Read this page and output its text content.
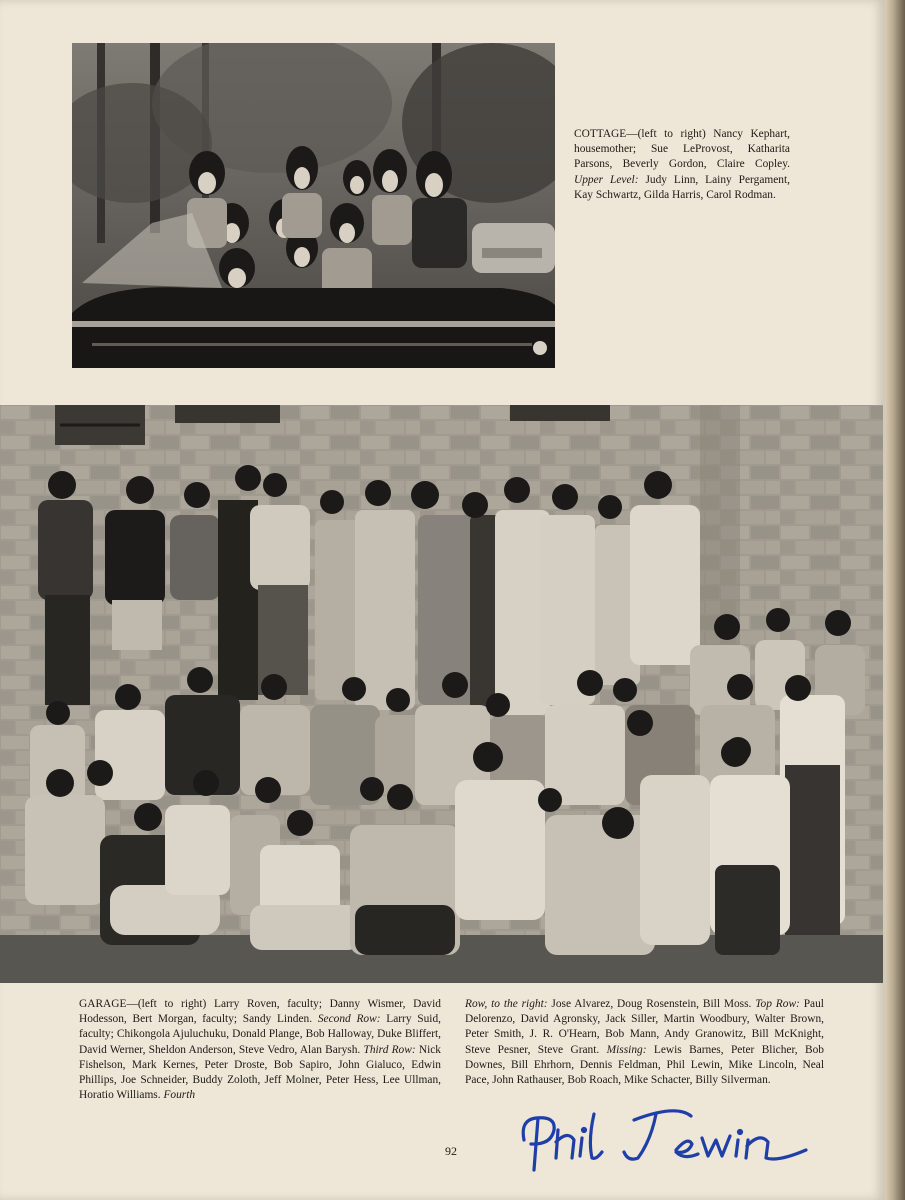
COTTAGE—(left to right) Nancy Kephart, housemother; Sue LeProvost, Katharita Parsons, Beverly Gordon, Claire Copley. Upper Level: Judy Linn, Lainy Pergament, Kay Schwartz, Gilda Harris, Carol Rodman.
GARAGE—(left to right) Larry Roven, faculty; Danny Wismer, David Hodesson, Bert Morgan, faculty; Sandy Linden. Second Row: Larry Suid, faculty; Chikongola Ajuluchuku, Donald Plange, Bob Halloway, Duke Bliffert, David Werner, Sheldon Anderson, Steve Vedro, Alan Barysh. Third Row: Nick Fishelson, Mark Kernes, Peter Droste, Bob Sapiro, John Gialuco, Edwin Phillips, Joe Schneider, Buddy Zoloth, Jeff Molner, Peter Hess, Lee Ullman, Horatio Williams. Fourth
Row, to the right: Jose Alvarez, Doug Rosenstein, Bill Moss. Top Row: Paul Delorenzo, David Agronsky, Jack Siller, Martin Woodbury, Walter Brown, Peter Smith, J. R. O'Hearn, Bob Mann, Andy Granowitz, Bill McKnight, Steve Pesner, Steve Grant. Missing: Lewis Barnes, Peter Blicher, Bob Downes, Bill Ehrhorn, Dennis Feldman, Phil Lewin, Mike Lincoln, Neal Pace, John Rathauser, Bob Roach, Mike Schacter, Billy Silverman.
92
